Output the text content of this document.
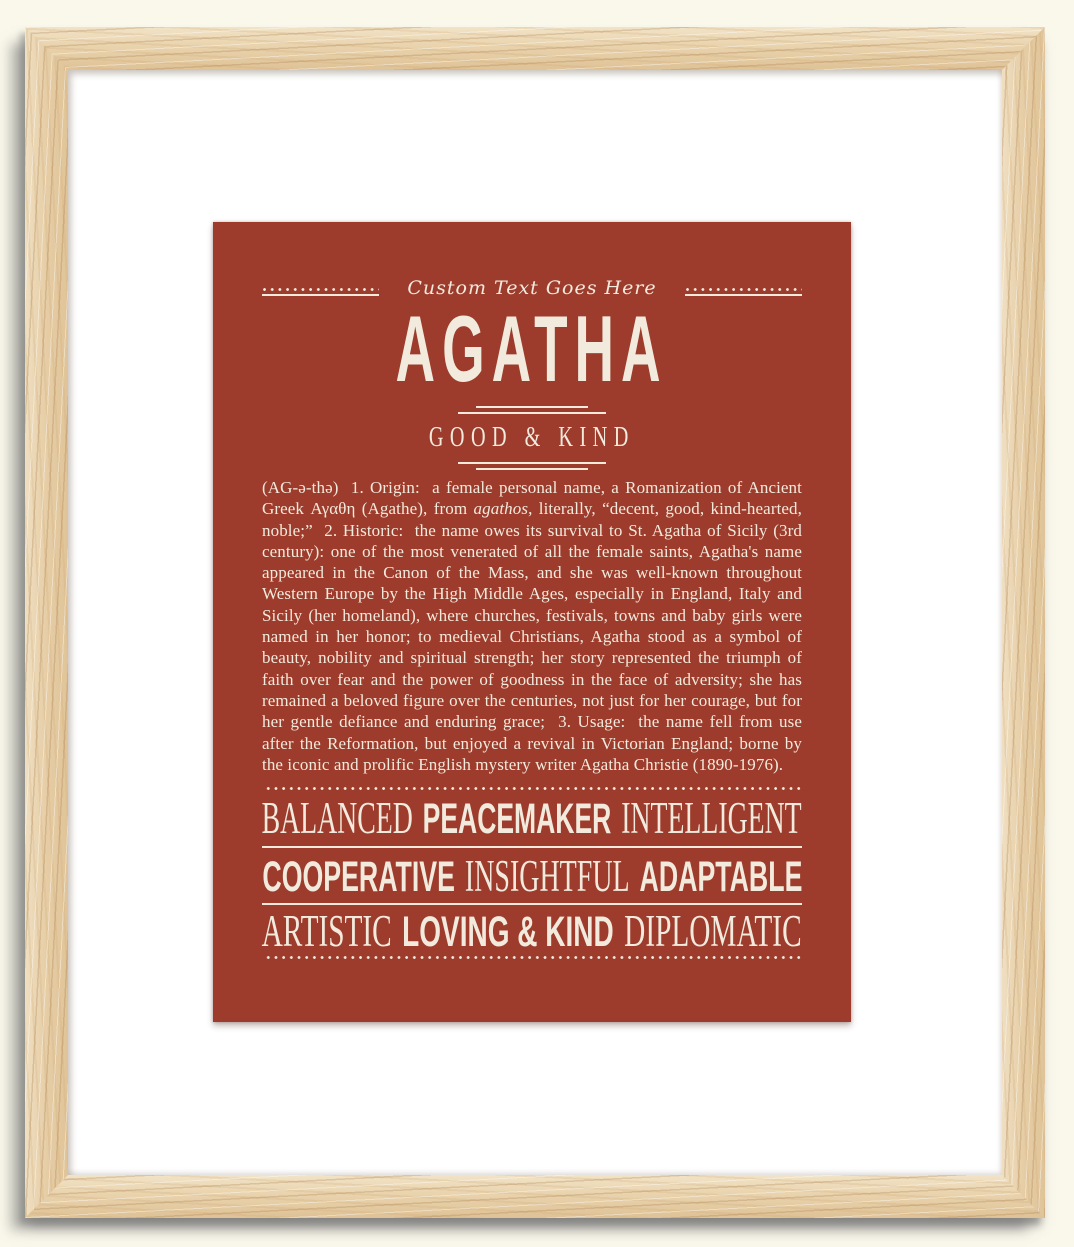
Custom Text Goes Here
AGATHA
GOOD & KIND
(AG-ə-thə)  1. Origin:  a female personal name, a Romanization of Ancient Greek Αγαθη (Agathe), from agathos, literally, “decent, good, kind-hearted, noble;”  2. Historic:  the name owes its survival to St. Agatha of Sicily (3rd century): one of the most venerated of all the female saints, Agatha's name appeared in the Canon of the Mass, and she was well-known throughout Western Europe by the High Middle Ages, especially in England, Italy and Sicily (her homeland), where churches, festivals, towns and baby girls were named in her honor; to medieval Christians, Agatha stood as a symbol of beauty, nobility and spiritual strength; her story represented the triumph of faith over fear and the power of goodness in the face of adversity; she has remained a beloved figure over the centuries, not just for her courage, but for her gentle defiance and enduring grace;  3. Usage:  the name fell from use after the Reformation, but enjoyed a revival in Victorian England; borne by the iconic and prolific English mystery writer Agatha Christie (1890-1976).
BALANCED PEACEMAKER INTELLIGENT
COOPERATIVE INSIGHTFUL ADAPTABLE
ARTISTIC LOVING & KIND DIPLOMATIC
